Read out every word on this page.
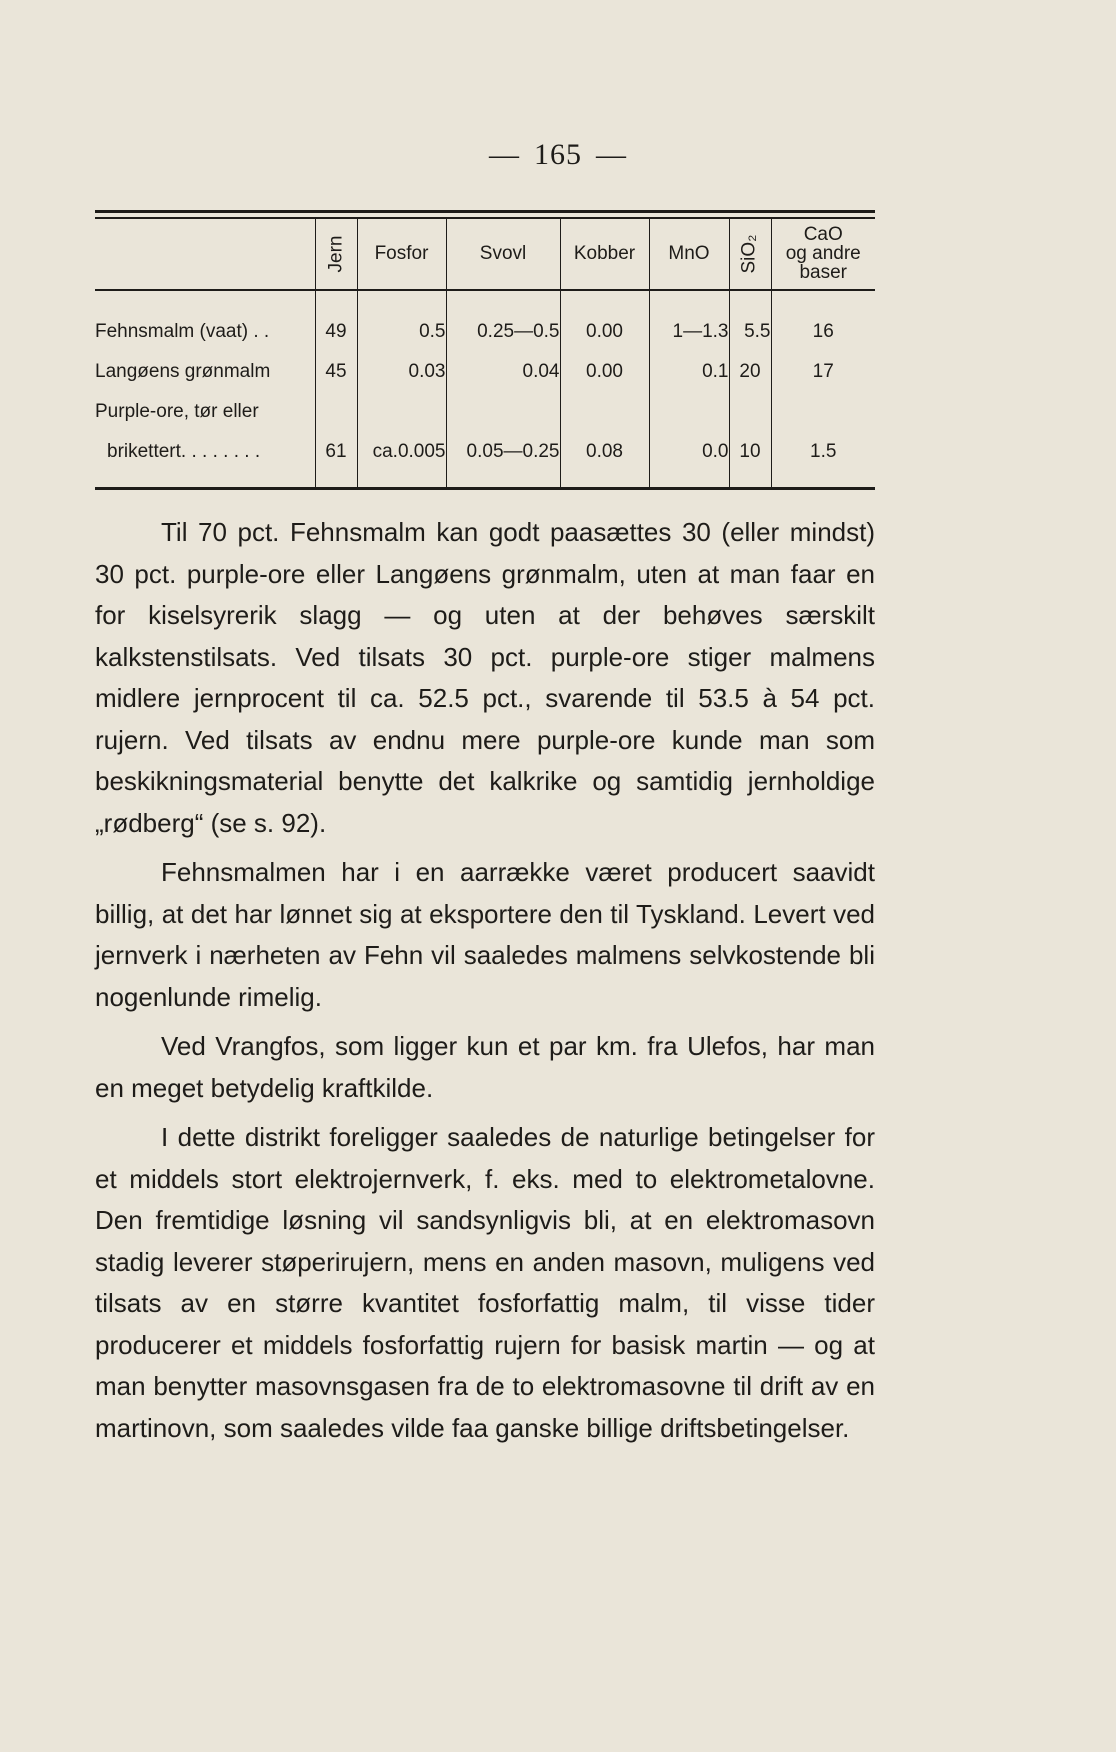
— 165 —
	Jern	Fosfor	Svovl	Kobber	MnO	SiO₂	CaO
og andre
baser

Fehnsmalm (vaat) . .	49	0.5	0.25—0.5	0.00	1—1.3	5.5	16
Langøens grønmalm	45	0.03	0.04	0.00	0.1	20	17
Purple-ore, tør eller							
brikettert. . . . . . . .	61	ca.0.005	0.05—0.25	0.08	0.0	10	1.5

Til 70 pct. Fehnsmalm kan godt paasættes 30 (eller mindst) 30 pct. purple-ore eller Langøens grønmalm, uten at man faar en for kiselsyrerik slagg — og uten at der behøves særskilt kalkstenstilsats. Ved tilsats 30 pct. purple-ore stiger malmens midlere jernprocent til ca. 52.5 pct., svarende til 53.5 à 54 pct. rujern. Ved tilsats av endnu mere purple-ore kunde man som beskikningsmaterial benytte det kalkrike og samtidig jernholdige „rødberg“ (se s. 92).

Fehnsmalmen har i en aarrække været producert saavidt billig, at det har lønnet sig at eksportere den til Tyskland. Levert ved jernverk i nærheten av Fehn vil saaledes malmens selvkostende bli nogenlunde rimelig.

Ved Vrangfos, som ligger kun et par km. fra Ulefos, har man en meget betydelig kraftkilde.

I dette distrikt foreligger saaledes de naturlige betingelser for et middels stort elektrojernverk, f. eks. med to elektrometalovne. Den fremtidige løsning vil sandsynligvis bli, at en elektromasovn stadig leverer støperirujern, mens en anden masovn, muligens ved tilsats av en større kvantitet fosforfattig malm, til visse tider producerer et middels fosforfattig rujern for basisk martin — og at man benytter masovnsgasen fra de to elektromasovne til drift av en martinovn, som saaledes vilde faa ganske billige driftsbetingelser.
